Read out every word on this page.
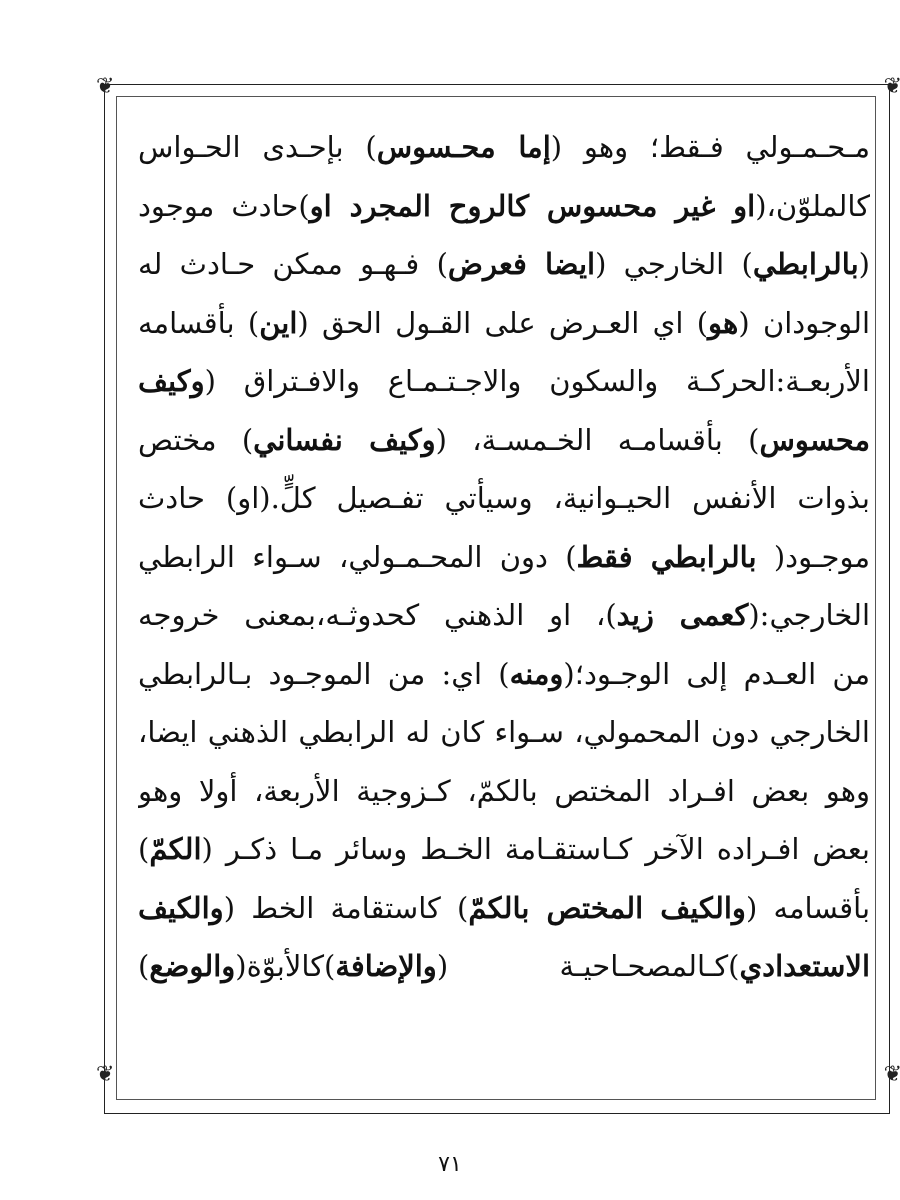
❦	❦
❦	❦
مـحـمـولي فـقط؛ وهو (إما محـسوس) بإحـدى الحـواس
كالملوّن،(او غير محسوس كالروح المجرد او)حادث موجود
(بالرابطي) الخارجي (ايضا فعرض) فـهـو ممكن حـادث له
الوجودان (هو) اي العـرض على القـول الحق (اين) بأقسامه
الأربعـة:الحركـة والسكون والاجـتـمـاع والافـتراق (وكيف
محسوس) بأقسامـه الخـمسـة، (وكيف نفساني) مختص
بذوات الأنفس الحيـوانية، وسيأتي تفـصيل كلٍّ.(او) حادث
موجـود( بالرابطي فقط) دون المحـمـولي، سـواء الرابطي
الخارجي:(كعمى زيد)، او الذهني كحدوثـه،بمعنى خروجه
من العـدم إلى الوجـود؛(ومنه) اي: من الموجـود بـالرابطي
الخارجي دون المحمولي، سـواء كان له الرابطي الذهني ايضا،
وهو بعض افـراد المختص بالكمّ، كـزوجية الأربعة، أولا وهو
بعض افـراده الآخر كـاستقـامة الخـط وسائر مـا ذكـر (الكمّ)
بأقسامه (والكيف المختص بالكمّ) كاستقامة الخط (والكيف
الاستعدادي)كـالمصحـاحيـة (والإضافة)كالأبوّة(والوضع)
٧١
